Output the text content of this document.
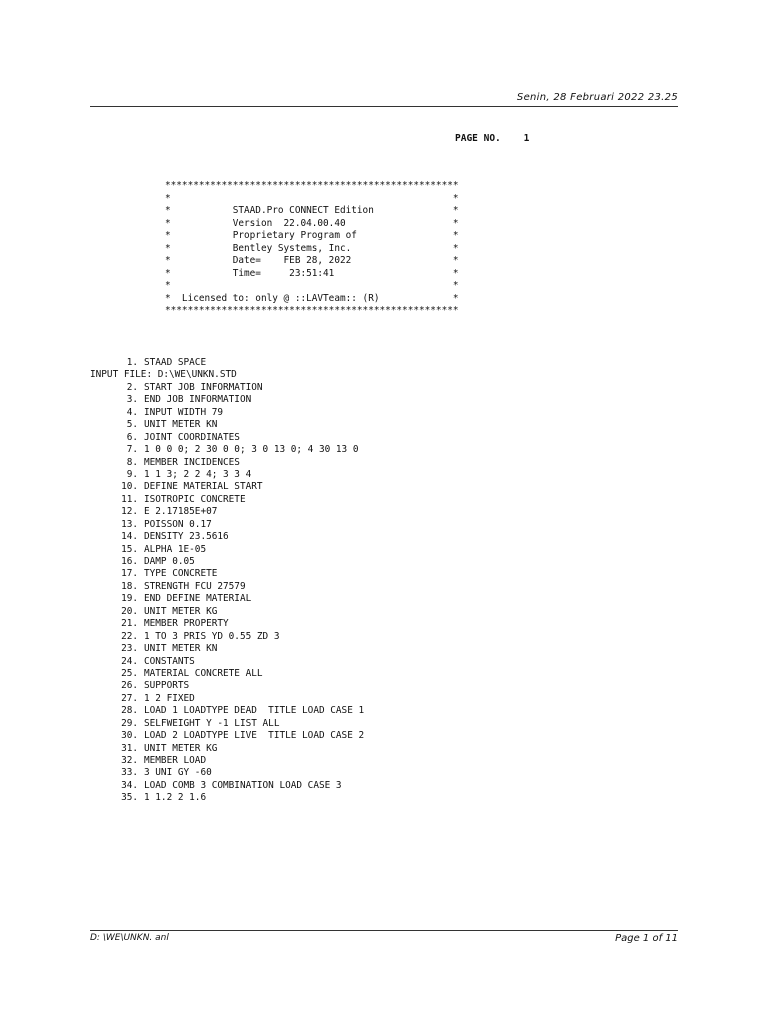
Senin, 28 Februari 2022 23.25
PAGE NO.    1
****************************************************
*                                                  *
*           STAAD.Pro CONNECT Edition              *
*           Version  22.04.00.40                   *
*           Proprietary Program of                 *
*           Bentley Systems, Inc.                  *
*           Date=    FEB 28, 2022                  *
*           Time=     23:51:41                     *
*                                                  *
*  Licensed to: only @ ::LAVTeam:: (R)             *
****************************************************
1. STAAD SPACE
INPUT FILE: D:\WE\UNKN.STD
2. START JOB INFORMATION
3. END JOB INFORMATION
4. INPUT WIDTH 79
5. UNIT METER KN
6. JOINT COORDINATES
7. 1 0 0 0; 2 30 0 0; 3 0 13 0; 4 30 13 0
8. MEMBER INCIDENCES
9. 1 1 3; 2 2 4; 3 3 4
10. DEFINE MATERIAL START
11. ISOTROPIC CONCRETE
12. E 2.17185E+07
13. POISSON 0.17
14. DENSITY 23.5616
15. ALPHA 1E-05
16. DAMP 0.05
17. TYPE CONCRETE
18. STRENGTH FCU 27579
19. END DEFINE MATERIAL
20. UNIT METER KG
21. MEMBER PROPERTY
22. 1 TO 3 PRIS YD 0.55 ZD 3
23. UNIT METER KN
24. CONSTANTS
25. MATERIAL CONCRETE ALL
26. SUPPORTS
27. 1 2 FIXED
28. LOAD 1 LOADTYPE DEAD  TITLE LOAD CASE 1
29. SELFWEIGHT Y -1 LIST ALL
30. LOAD 2 LOADTYPE LIVE  TITLE LOAD CASE 2
31. UNIT METER KG
32. MEMBER LOAD
33. 3 UNI GY -60
34. LOAD COMB 3 COMBINATION LOAD CASE 3
35. 1 1.2 2 1.6
D: \WE\UNKN. anl	Page 1 of 11
